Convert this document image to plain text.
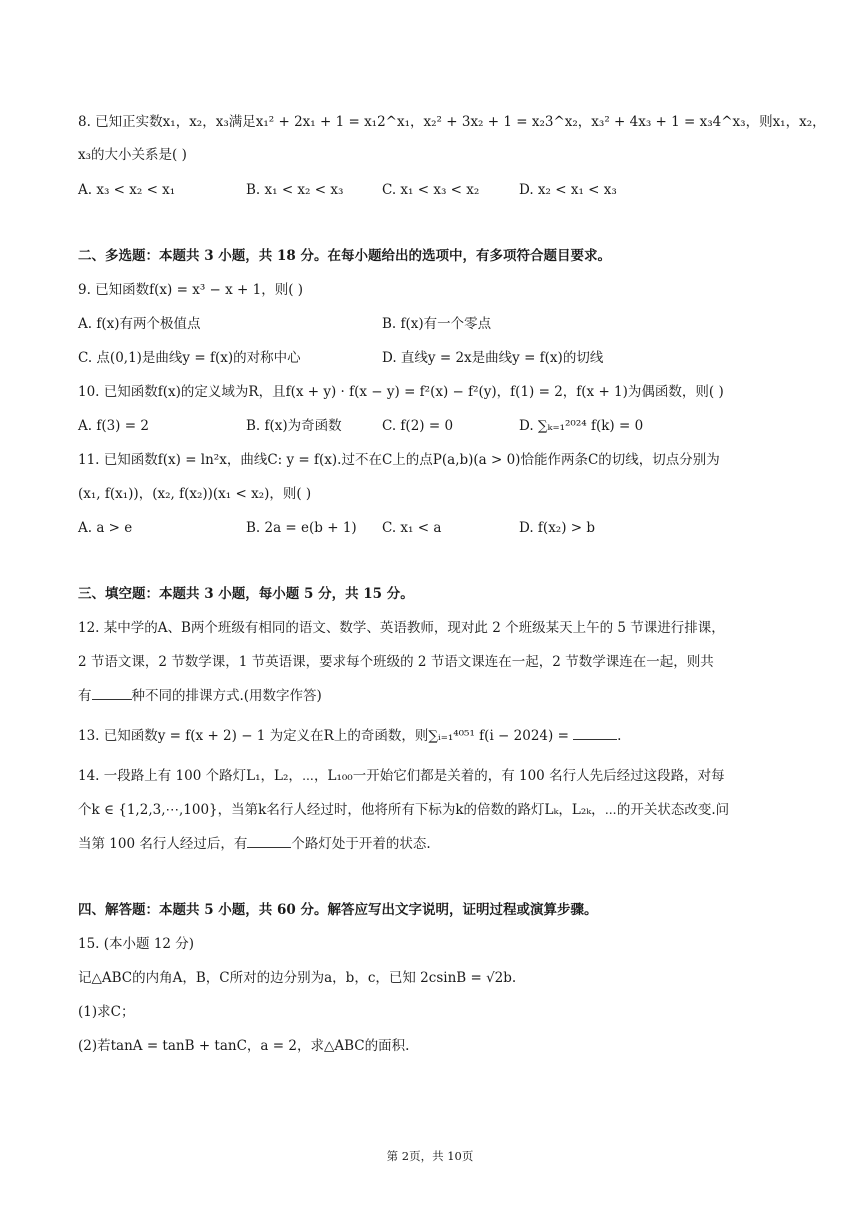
8. 已知正实数x₁，x₂，x₃满足x₁² + 2x₁ + 1 = x₁2^x₁，x₂² + 3x₂ + 1 = x₂3^x₂，x₃² + 4x₃ + 1 = x₃4^x₃，则x₁，x₂，
x₃的大小关系是( )
A. x₃ < x₂ < x₁	B. x₁ < x₂ < x₃	C. x₁ < x₃ < x₂	D. x₂ < x₁ < x₃
二、多选题：本题共 3 小题，共 18 分。在每小题给出的选项中，有多项符合题目要求。
9. 已知函数f(x) = x³ − x + 1，则( )
A. f(x)有两个极值点	B. f(x)有一个零点
C. 点(0,1)是曲线y = f(x)的对称中心	D. 直线y = 2x是曲线y = f(x)的切线
10. 已知函数f(x)的定义域为R，且f(x + y) · f(x − y) = f²(x) − f²(y)，f(1) = 2，f(x + 1)为偶函数，则( )
A. f(3) = 2	B. f(x)为奇函数	C. f(2) = 0	D. ∑ₖ₌₁²⁰²⁴ f(k) = 0
11. 已知函数f(x) = ln²x，曲线C: y = f(x).过不在C上的点P(a,b)(a > 0)恰能作两条C的切线，切点分别为
(x₁, f(x₁))，(x₂, f(x₂))(x₁ < x₂)，则( )
A. a > e	B. 2a = e(b + 1) C. x₁ < a	D. f(x₂) > b
三、填空题：本题共 3 小题，每小题 5 分，共 15 分。
12. 某中学的A、B两个班级有相同的语文、数学、英语教师，现对此 2 个班级某天上午的 5 节课进行排课，
2 节语文课，2 节数学课，1 节英语课，要求每个班级的 2 节语文课连在一起，2 节数学课连在一起，则共
有	种不同的排课方式.(用数字作答)
13. 已知函数y = f(x + 2) − 1 为定义在R上的奇函数，则∑ᵢ₌₁⁴⁰⁵¹ f(i − 2024) =	.
14. 一段路上有 100 个路灯L₁，L₂，⋯，L₁₀₀一开始它们都是关着的，有 100 名行人先后经过这段路，对每
个k ∈ {1,2,3,⋯,100}，当第k名行人经过时，他将所有下标为k的倍数的路灯Lₖ，L₂ₖ，⋯的开关状态改变.问
当第 100 名行人经过后，有	个路灯处于开着的状态.
四、解答题：本题共 5 小题，共 60 分。解答应写出文字说明，证明过程或演算步骤。
15. (本小题 12 分)
记△ABC的内角A，B，C所对的边分别为a，b，c，已知 2csinB = √2b.
(1)求C；
(2)若tanA = tanB + tanC，a = 2，求△ABC的面积.
第 2页，共 10页
